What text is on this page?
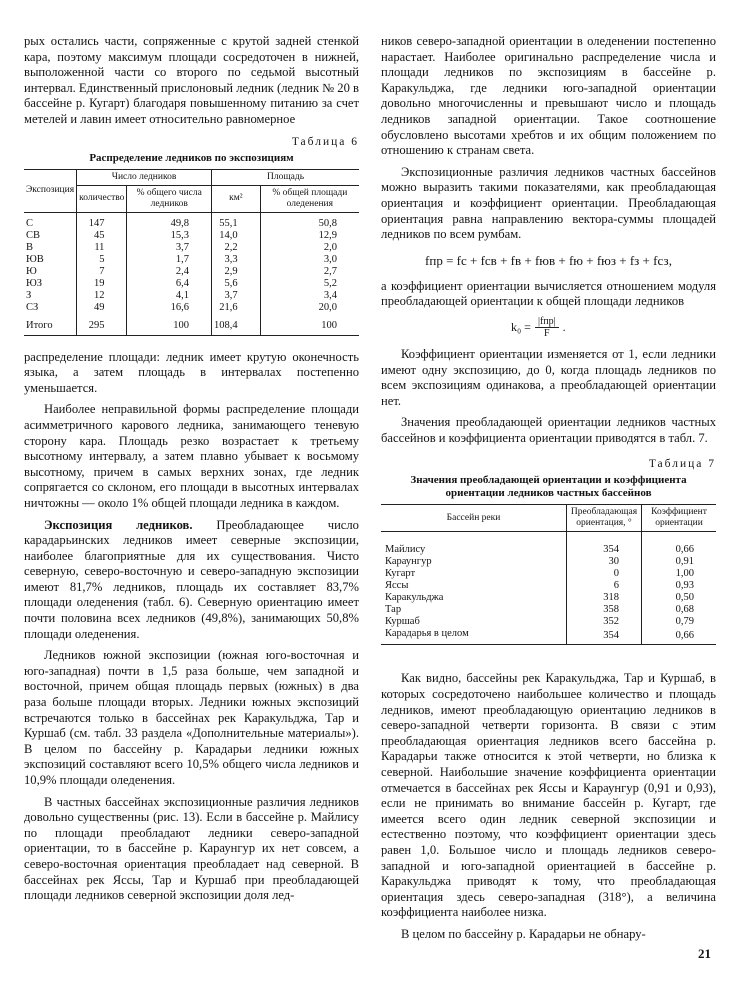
рых остались части, сопряженные с крутой задней стенкой кара, поэтому максимум площади сосредоточен в нижней, выположенной части со второго по седьмой высотный интервал. Единственный прислоновый ледник (ледник № 20 в бассейне р. Кугарт) благодаря повышенному питанию за счет метелей и лавин имеет относительно равномерное

Таблица 6
Распределение ледников по экспозициям
Экспозиция	Число ледников		Площадь	
	количество	% общего числа ледников	км²	% общей площади оледенения
С	147	49,8	55,1	50,8
СВ	45	15,3	14,0	12,9
В	11	3,7	2,2	2,0
ЮВ	5	1,7	3,3	3,0
Ю	7	2,4	2,9	2,7
ЮЗ	19	6,4	5,6	5,2
З	12	4,1	3,7	3,4
СЗ	49	16,6	21,6	20,0
Итого	295	100	108,4	100

распределение площади: ледник имеет крутую оконечность языка, а затем площадь в интервалах постепенно уменьшается.

Наиболее неправильной формы распределение площади асимметричного карового ледника, занимающего теневую сторону кара. Площадь резко возрастает к третьему высотному интервалу, а затем плавно убывает к восьмому высотному, причем в самых верхних зонах, где ледник сопрягается со склоном, его площади в высотных интервалах ничтожны — около 1% общей площади ледника в каждом.

Экспозиция ледников. Преобладающее число карадарьинских ледников имеет северные экспозиции, наиболее благоприятные для их существования. Чисто северную, северо-восточную и северо-западную экспозиции имеют 81,7% ледников, площадь их составляет 83,7% площади оледенения (табл. 6). Северную ориентацию имеет почти половина всех ледников (49,8%), занимающих 50,8% площади оледенения.

Ледников южной экспозиции (южная юго-восточная и юго-западная) почти в 1,5 раза больше, чем западной и восточной, причем общая площадь первых (южных) в два раза больше площади вторых. Ледники южных экспозиций встречаются только в бассейнах рек Каракульджа, Тар и Куршаб (см. табл. 33 раздела «Дополнительные материалы»). В целом по бассейну р. Карадарьи ледники южных экспозиций составляют всего 10,5% общего числа ледников и 10,9% площади оледенения.

В частных бассейнах экспозиционные различия ледников довольно существенны (рис. 13). Если в бассейне р. Майлису по площади преобладают ледники северо-западной ориентации, то в бассейне р. Караунгур их нет совсем, а северо-восточная ориентация преобладает над северной. В бассейнах рек Яссы, Тар и Куршаб при преобладающей площади ледников северной экспозиции доля лед-

ников северо-западной ориентации в оледенении постепенно нарастает. Наиболее оригинально распределение числа и площади ледников по экспозициям в бассейне р. Каракульджа, где ледники юго-западной ориентации довольно многочисленны и превышают число и площадь ледников западной ориентации. Такое соотношение обусловлено высотами хребтов и их общим положением по отношению к странам света.

Экспозиционные различия ледников частных бассейнов можно выразить такими показателями, как преобладающая ориентация и коэффициент ориентации. Преобладающая ориентация равна направлению вектора-суммы площадей ледников по всем румбам.

fпр = fс + fсв + fв + fюв + fю + fюз + fз + fсз,

а коэффициент ориентации вычисляется отношением модуля преобладающей ориентации к общей площади ледников

$k_0 = \frac{\text{|fпр|}}{F}$ .

Коэффициент ориентации изменяется от 1, если ледники имеют одну экспозицию, до 0, когда площадь ледников по всем экспозициям одинакова, а преобладающей ориентации нет.

Значения преобладающей ориентации ледников частных бассейнов и коэффициента ориентации приводятся в табл. 7.

Таблица 7
Значения преобладающей ориентации и коэффициента ориентации ледников частных бассейнов
Бассейн реки	Преобладающая ориентация, °	Коэффициент ориентации
Майлису	354	0,66
Караунгур	30	0,91
Кугарт	0	1,00
Яссы	6	0,93
Каракульджа	318	0,50
Тар	358	0,68
Куршаб	352	0,79
Карадарья в целом	354	0,66

Как видно, бассейны рек Каракульджа, Тар и Куршаб, в которых сосредоточено наибольшее количество и площадь ледников, имеют преобладающую ориентацию ледников в северо-западной четверти горизонта. В связи с этим преобладающая ориентация ледников всего бассейна р. Карадарьи также относится к этой четверти, но близка к северной. Наибольшие значение коэффициента ориентации отмечается в бассейнах рек Яссы и Караунгур (0,91 и 0,93), если не принимать во внимание бассейн р. Кугарт, где имеется всего один ледник северной экспозиции и естественно поэтому, что коэффициент ориентации здесь равен 1,0. Большое число и площадь ледников северо-западной и юго-западной ориентацией в бассейне р. Каракульджа приводят к тому, что преобладающая ориентация здесь северо-западная (318°), а величина коэффициента наиболее низка.

В целом по бассейну р. Карадарьи не обнару-

21
